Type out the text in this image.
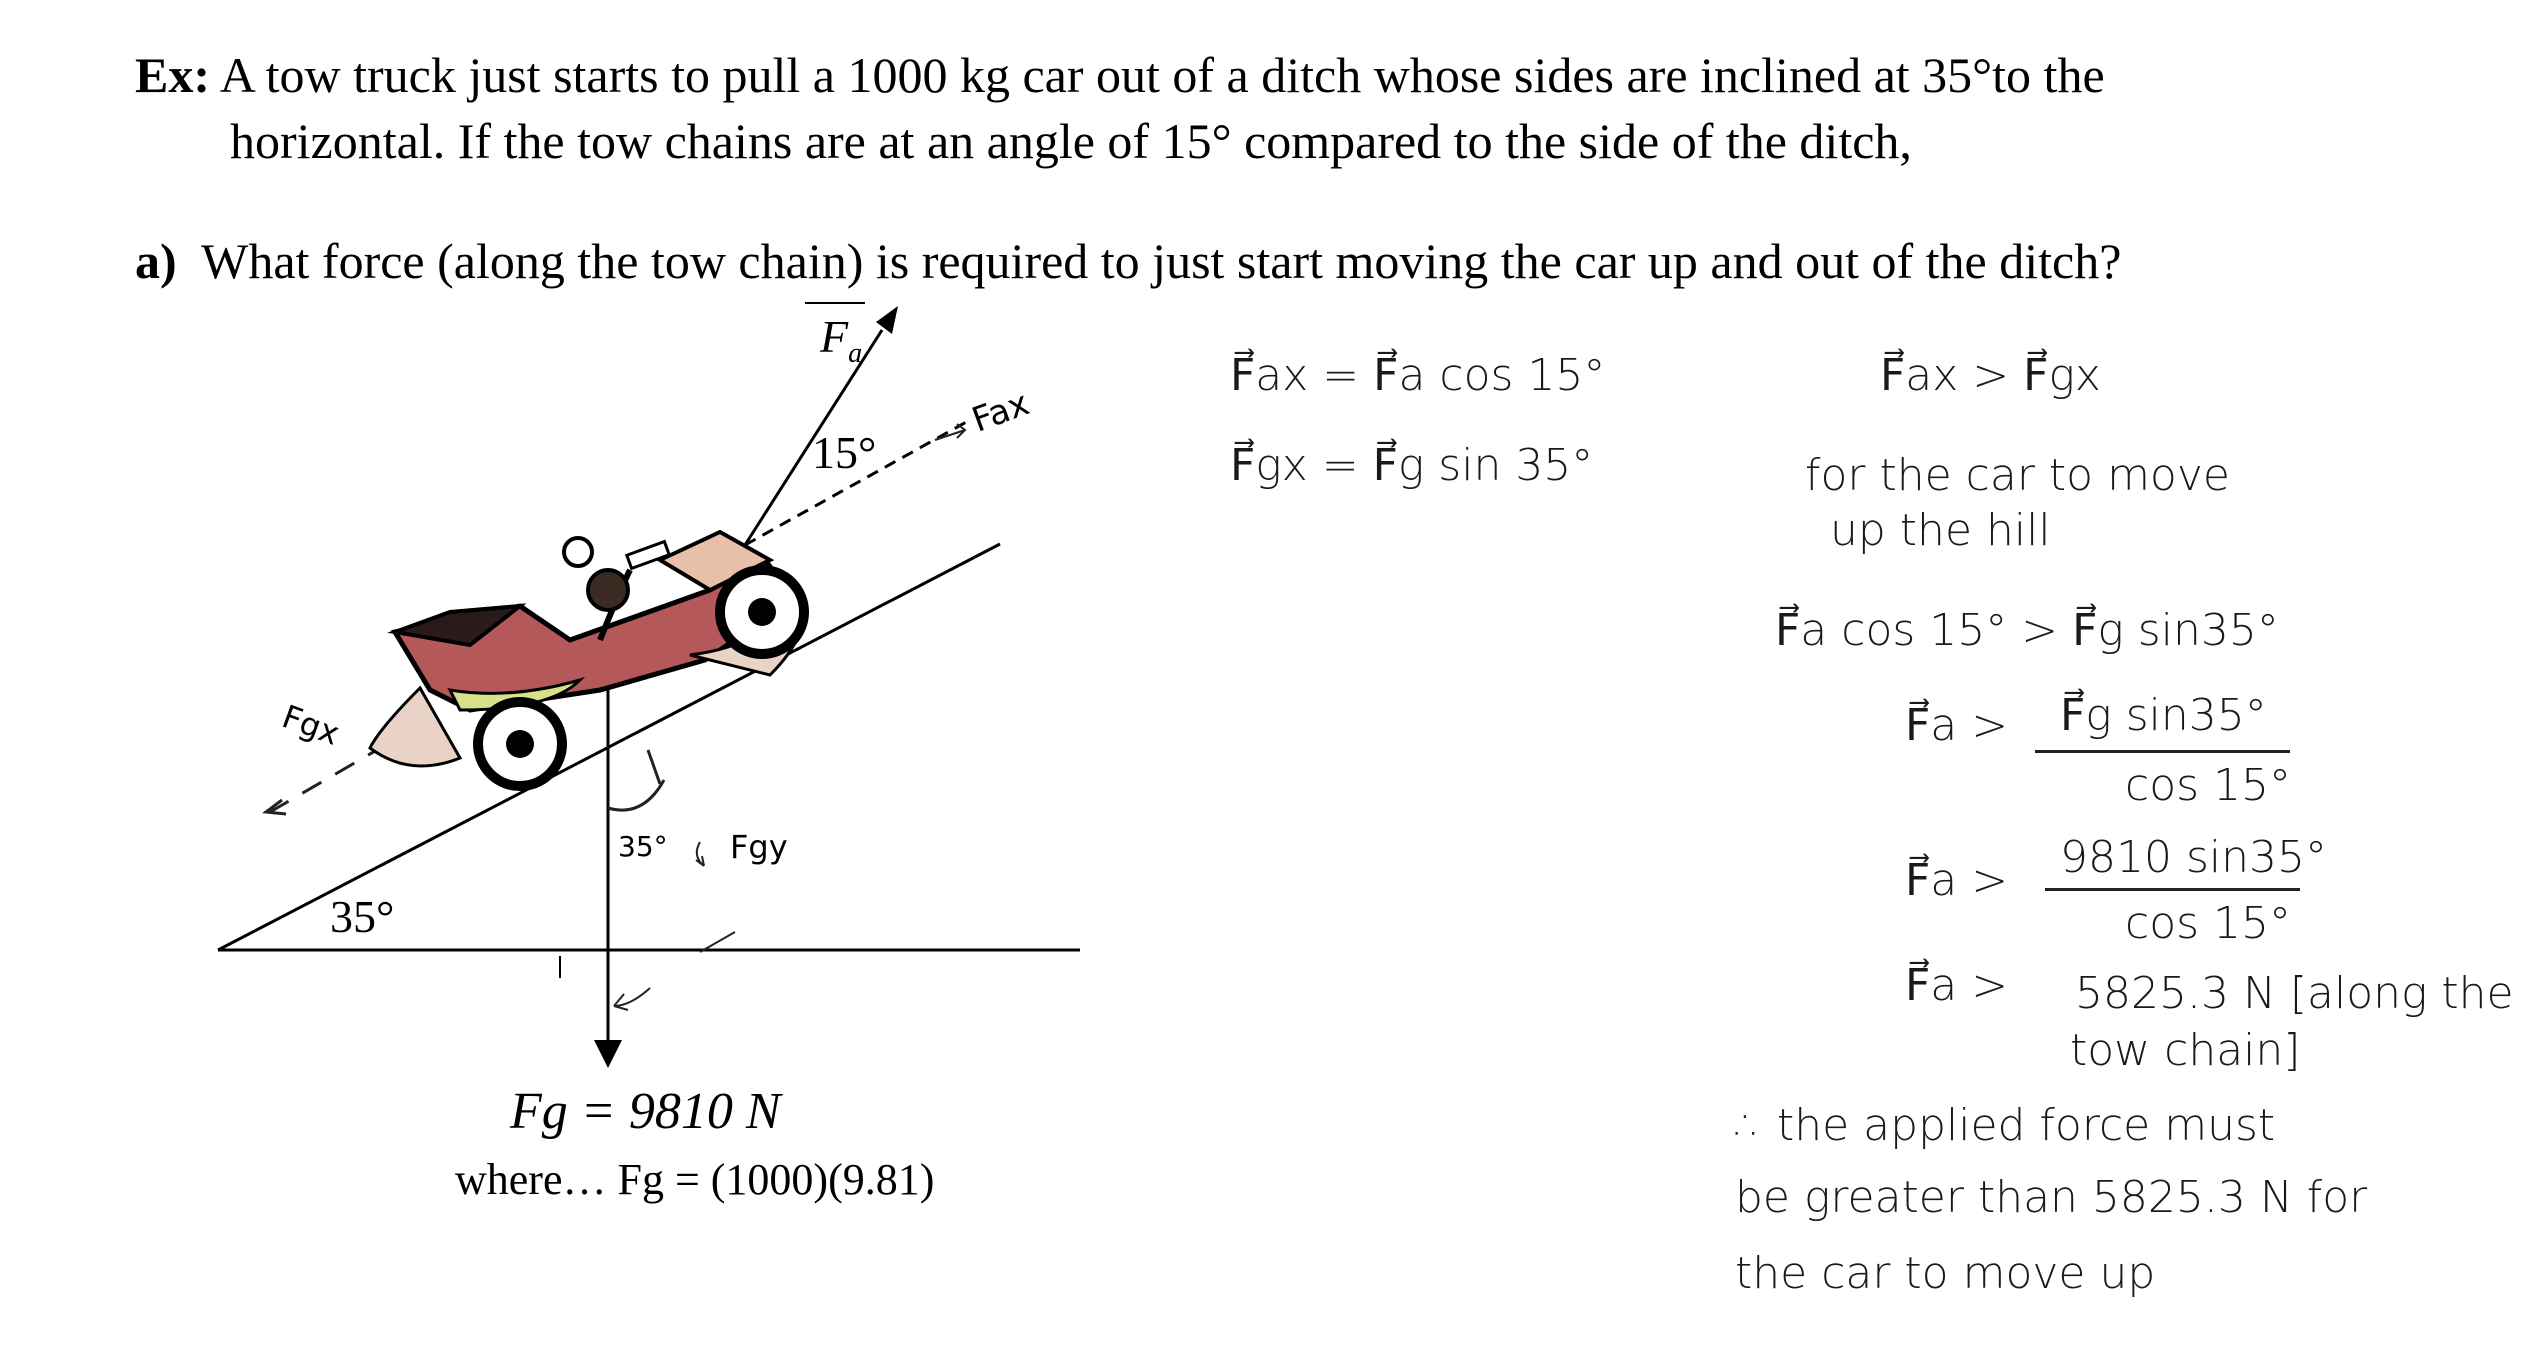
Ex: A tow truck just starts to pull a 1000 kg car out of a ditch whose sides are inclined at 35°to the
horizontal. If the tow chains are at an angle of 15° compared to the side of the ditch,
a) What force (along the tow chain) is required to just start moving the car up and out of the ditch?
$F_a$
15°
Fax
Fgx
35°
35° Fgy
Fg = 9810 N
where… Fg = (1000)(9.81)
F⃗ax = F⃗a cos 15°
F⃗gx = F⃗g sin 35°
F⃗ax > F⃗gx
for the car to move
up the hill
F⃗a cos 15° > F⃗g sin35°
F⃗a > F⃗g sin35°
cos 15°
F⃗a > 9810 sin35°
cos 15°
F⃗a > 5825.3 N [along the
tow chain]
∴ the applied force must
be greater than 5825.3 N for
the car to move up
